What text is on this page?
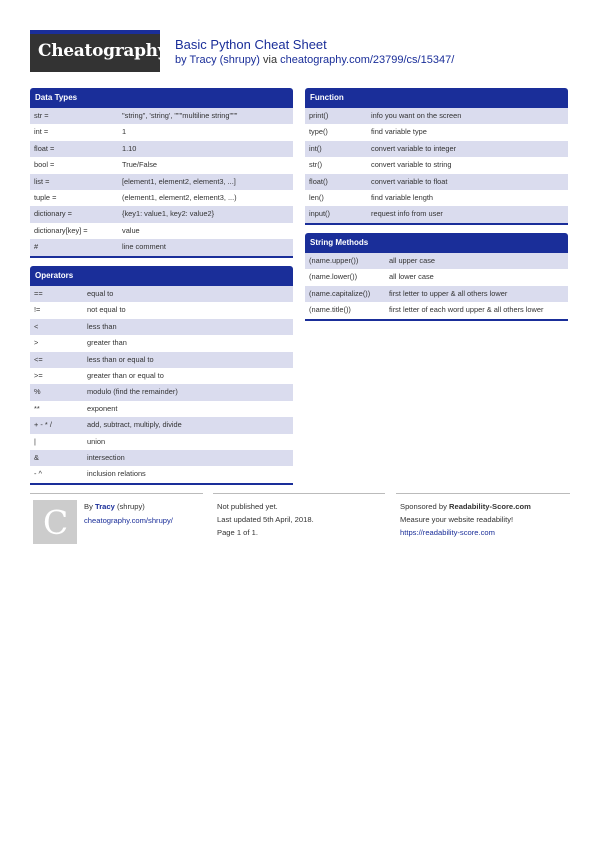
Cheatography Basic Python Cheat Sheet
by Tracy (shrupy) via cheatography.com/23799/cs/15347/
Data Types
str =	"string", 'string', """multiline string"""
int =	1
float =	1.10
bool =	True/False
list =	[element1, element2, element3, ...]
tuple =	(element1, element2, element3, ...)
dictionary =	{key1: value1, key2: value2}
dictionary[key] =	value
#	line comment
Operators
==	equal to
!=	not equal to
<	less than
>	greater than
<=	less than or equal to
>=	greater than or equal to
%	modulo (find the remainder)
**	exponent
+ - * /	add, subtract, multiply, divide
|	union
&	intersection
- ^	inclusion relations
Function
print()	info you want on the screen
type()	find variable type
int()	convert variable to integer
str()	convert variable to string
float()	convert variable to float
len()	find variable length
input()	request info from user
String Methods
(name.upper())	all upper case
(name.lower())	all lower case
(name.capitalize())	first letter to upper & all others lower
(name.title())	first letter of each word upper & all others lower
C By Tracy (shrupy)
cheatography.com/shrupy/
Not published yet.
Last updated 5th April, 2018.
Page 1 of 1.
Sponsored by Readability-Score.com
Measure your website readability!
https://readability-score.com
